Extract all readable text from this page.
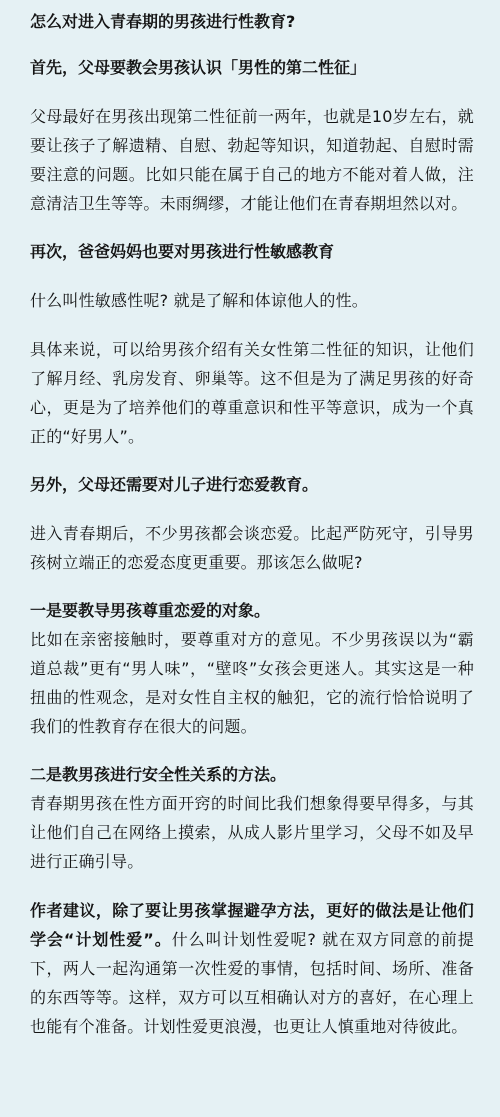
怎么对进入青春期的男孩进行性教育?
首先，父母要教会男孩认识「男性的第二性征」

父母最好在男孩出现第二性征前一两年，也就是10岁左右，就要让孩子了解遗精、自慰、勃起等知识，知道勃起、自慰时需要注意的问题。比如只能在属于自己的地方不能对着人做，注意清洁卫生等等。未雨绸缪，才能让他们在青春期坦然以对。

再次，爸爸妈妈也要对男孩进行性敏感教育

什么叫性敏感性呢? 就是了解和体谅他人的性。

具体来说，可以给男孩介绍有关女性第二性征的知识，让他们了解月经、乳房发育、卵巢等。这不但是为了满足男孩的好奇心，更是为了培养他们的尊重意识和性平等意识，成为一个真正的“好男人”。

另外，父母还需要对儿子进行恋爱教育。

进入青春期后，不少男孩都会谈恋爱。比起严防死守，引导男孩树立端正的恋爱态度更重要。那该怎么做呢?

一是要教导男孩尊重恋爱的对象。

比如在亲密接触时，要尊重对方的意见。不少男孩误以为“霸道总裁”更有“男人味”，“壁咚”女孩会更迷人。其实这是一种扭曲的性观念，是对女性自主权的触犯，它的流行恰恰说明了我们的性教育存在很大的问题。

二是教男孩进行安全性关系的方法。

青春期男孩在性方面开窍的时间比我们想象得要早得多，与其让他们自己在网络上摸索，从成人影片里学习，父母不如及早进行正确引导。

作者建议，除了要让男孩掌握避孕方法，更好的做法是让他们学会“计划性爱”。什么叫计划性爱呢? 就在双方同意的前提下，两人一起沟通第一次性爱的事情，包括时间、场所、准备的东西等等。这样，双方可以互相确认对方的喜好，在心理上也能有个准备。计划性爱更浪漫，也更让人慎重地对待彼此。
